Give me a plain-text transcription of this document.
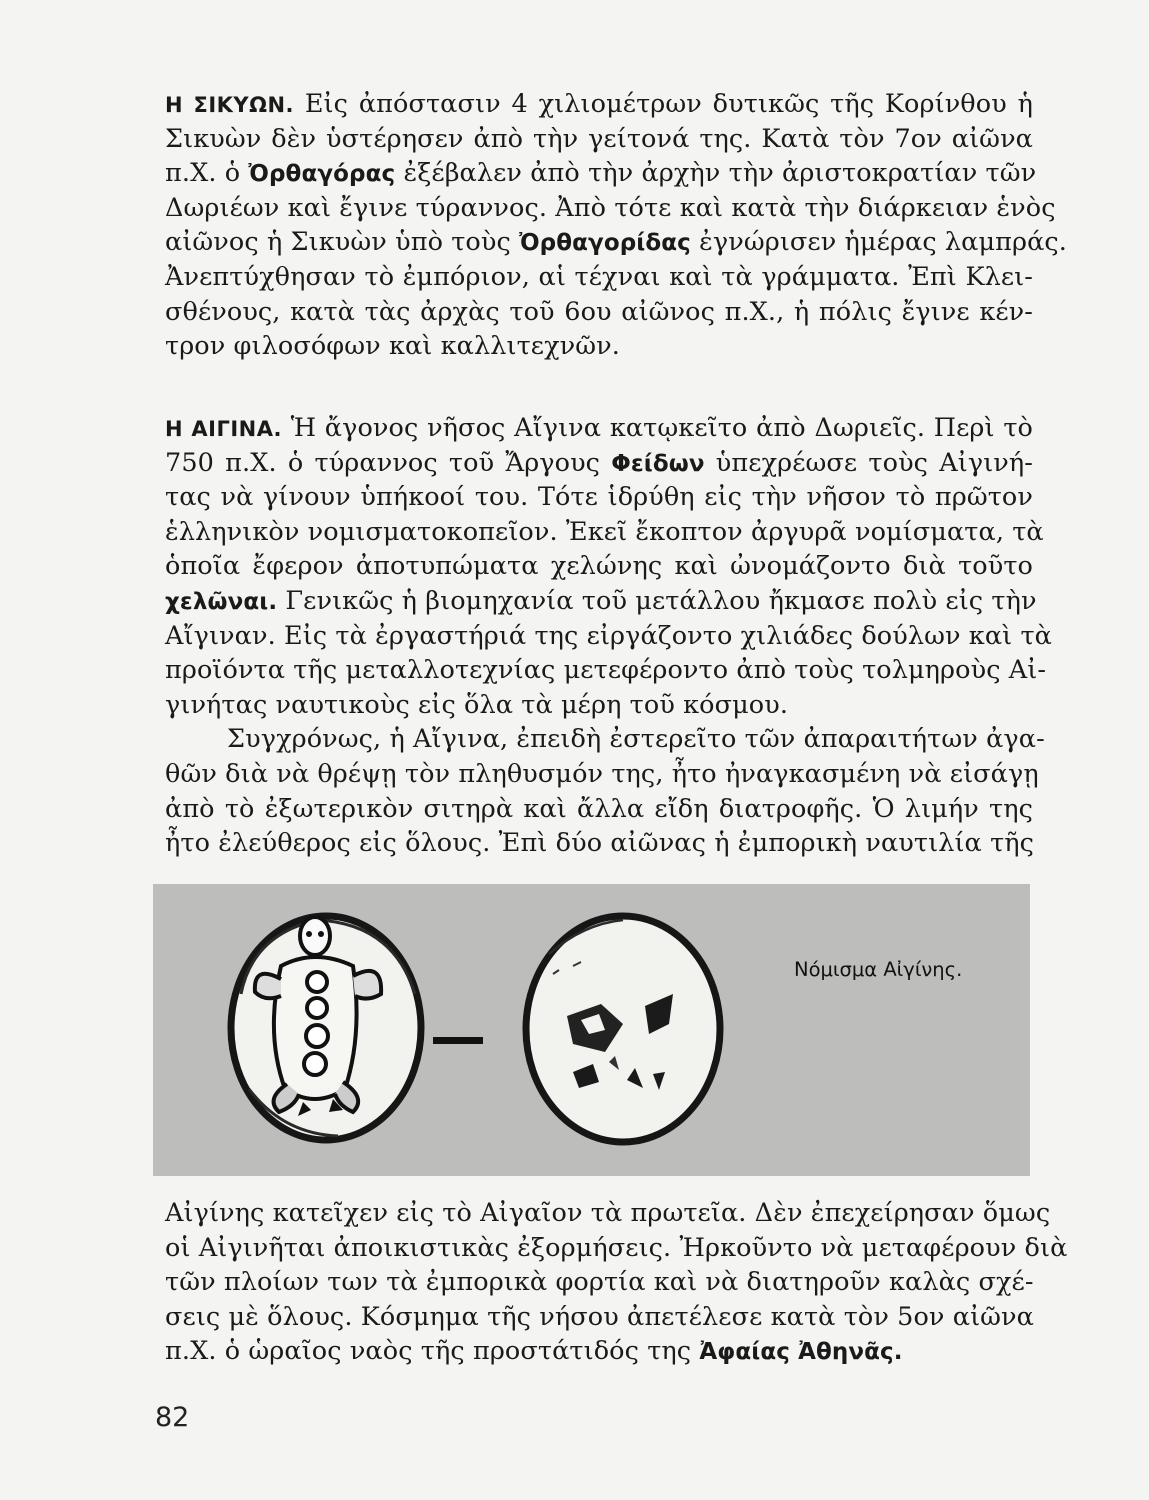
Η ΣΙΚΥΩΝ. Εἰς ἀπόστασιν 4 χιλιομέτρων δυτικῶς τῆς Κορίνθου ἡ
Σικυὼν δὲν ὑστέρησεν ἀπὸ τὴν γείτονά της. Κατὰ τὸν 7ον αἰῶνα
π.Χ. ὁ Ὀρθαγόρας ἐξέβαλεν ἀπὸ τὴν ἀρχὴν τὴν ἀριστοκρατίαν τῶν
Δωριέων καὶ ἔγινε τύραννος. Ἀπὸ τότε καὶ κατὰ τὴν διάρκειαν ἑνὸς
αἰῶνος ἡ Σικυὼν ὑπὸ τοὺς Ὀρθαγορίδας ἐγνώρισεν ἡμέρας λαμπράς.
Ἀνεπτύχθησαν τὸ ἐμπόριον, αἱ τέχναι καὶ τὰ γράμματα. Ἐπὶ Κλει-
σθένους, κατὰ τὰς ἀρχὰς τοῦ 6ου αἰῶνος π.Χ., ἡ πόλις ἔγινε κέν-
τρον φιλοσόφων καὶ καλλιτεχνῶν.
Η ΑΙΓΙΝΑ. Ἡ ἄγονος νῆσος Αἴγινα κατῳκεῖτο ἀπὸ Δωριεῖς. Περὶ τὸ
750 π.Χ. ὁ τύραννος τοῦ Ἄργους Φείδων ὑπεχρέωσε τοὺς Αἰγινή-
τας νὰ γίνουν ὑπήκοοί του. Τότε ἱδρύθη εἰς τὴν νῆσον τὸ πρῶτον
ἑλληνικὸν νομισματοκοπεῖον. Ἐκεῖ ἔκοπτον ἀργυρᾶ νομίσματα, τὰ
ὁποῖα ἔφερον ἀποτυπώματα χελώνης καὶ ὠνομάζοντο διὰ τοῦτο
χελῶναι. Γενικῶς ἡ βιομηχανία τοῦ μετάλλου ἤκμασε πολὺ εἰς τὴν
Αἴγιναν. Εἰς τὰ ἐργαστήριά της εἰργάζοντο χιλιάδες δούλων καὶ τὰ
προϊόντα τῆς μεταλλοτεχνίας μετεφέροντο ἀπὸ τοὺς τολμηροὺς Αἰ-
γινήτας ναυτικοὺς εἰς ὅλα τὰ μέρη τοῦ κόσμου.
Συγχρόνως, ἡ Αἴγινα, ἐπειδὴ ἐστερεῖτο τῶν ἀπαραιτήτων ἀγα-
θῶν διὰ νὰ θρέψῃ τὸν πληθυσμόν της, ἦτο ἠναγκασμένη νὰ εἰσάγῃ
ἀπὸ τὸ ἐξωτερικὸν σιτηρὰ καὶ ἄλλα εἴδη διατροφῆς. Ὁ λιμήν της
ἦτο ἐλεύθερος εἰς ὅλους. Ἐπὶ δύο αἰῶνας ἡ ἐμπορικὴ ναυτιλία τῆς
Νόμισμα Αἰγίνης.
Αἰγίνης κατεῖχεν εἰς τὸ Αἰγαῖον τὰ πρωτεῖα. Δὲν ἐπεχείρησαν ὅμως
οἱ Αἰγινῆται ἀποικιστικὰς ἐξορμήσεις. Ἠρκοῦντο νὰ μεταφέρουν διὰ
τῶν πλοίων των τὰ ἐμπορικὰ φορτία καὶ νὰ διατηροῦν καλὰς σχέ-
σεις μὲ ὅλους. Κόσμημα τῆς νήσου ἀπετέλεσε κατὰ τὸν 5ον αἰῶνα
π.Χ. ὁ ὡραῖος ναὸς τῆς προστάτιδός της Ἀφαίας Ἀθηνᾶς.
82
